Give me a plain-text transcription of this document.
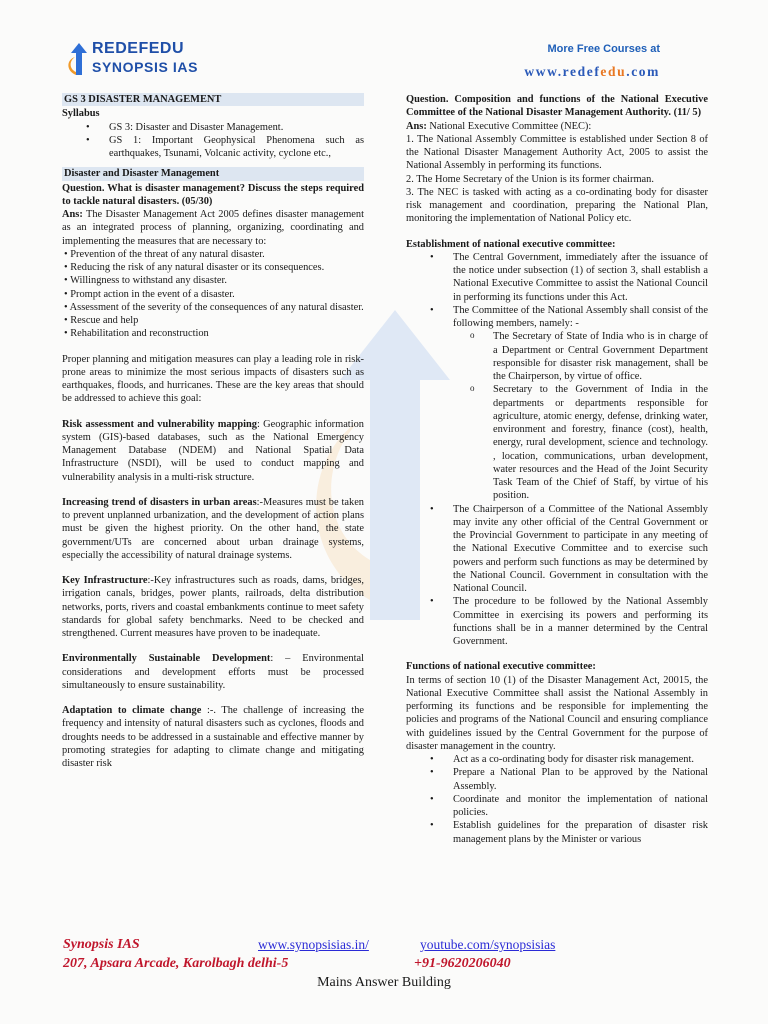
REDEFEDU
SYNOPSIS IAS
More Free Courses at
www.redefedu.com
GS 3 DISASTER MANAGEMENT

Syllabus

• GS 3: Disaster and Disaster Management.
• GS 1: Important Geophysical Phenomena such as earthquakes, Tsunami, Volcanic activity, cyclone etc.,
Disaster and Disaster Management

Question. What is disaster management? Discuss the steps required to tackle natural disasters. (05/30)

Ans: The Disaster Management Act 2005 defines disaster management as an integrated process of planning, organizing, coordinating and implementing the measures that are necessary to:

• Prevention of the threat of any natural disaster.

• Reducing the risk of any natural disaster or its consequences.

• Willingness to withstand any disaster.

• Prompt action in the event of a disaster.

• Assessment of the severity of the consequences of any natural disaster.

• Rescue and help

• Rehabilitation and reconstruction

Proper planning and mitigation measures can play a leading role in risk-prone areas to minimize the most serious impacts of disasters such as earthquakes, floods, and hurricanes. These are the key areas that should be addressed to achieve this goal:

Risk assessment and vulnerability mapping: Geographic information system (GIS)-based databases, such as the National Emergency Management Database (NDEM) and National Spatial Data Infrastructure (NSDI), will be used to conduct mapping and vulnerability analysis in a multi-risk structure.

Increasing trend of disasters in urban areas:-Measures must be taken to prevent unplanned urbanization, and the development of action plans must be given the highest priority. On the other hand, the state government/UTs are concerned about urban drainage systems, especially the accessibility of natural drainage systems.

Key Infrastructure:-Key infrastructures such as roads, dams, bridges, irrigation canals, bridges, power plants, railroads, delta distribution networks, ports, rivers and coastal embankments continue to meet safety standards for global safety benchmarks. Need to be checked and strengthened. Current measures have proven to be inadequate.

Environmentally Sustainable Development: – Environmental considerations and development efforts must be processed simultaneously to ensure sustainability.

Adaptation to climate change :-. The challenge of increasing the frequency and intensity of natural disasters such as cyclones, floods and droughts needs to be addressed in a sustainable and effective manner by promoting strategies for adapting to climate change and mitigating disaster risk

Question. Composition and functions of the National Executive Committee of the National Disaster Management Authority. (11/ 5)

Ans: National Executive Committee (NEC):

1. The National Assembly Committee is established under Section 8 of the National Disaster Management Authority Act, 2005 to assist the National Assembly in performing its functions.

2. The Home Secretary of the Union is its former chairman.

3. The NEC is tasked with acting as a co-ordinating body for disaster risk management and coordination, preparing the National Plan, monitoring the implementation of National Policy etc.

Establishment of national executive committee:

• The Central Government, immediately after the issuance of the notice under subsection (1) of section 3, shall establish a National Executive Committee to assist the National Council in performing its functions under this Act.
• The Committee of the National Assembly shall consist of the following members, namely: -
o The Secretary of State of India who is in charge of a Department or Central Government Department responsible for disaster risk management, shall be the Chairperson, by virtue of office.
o Secretary to the Government of India in the departments or departments responsible for agriculture, atomic energy, defense, drinking water, environment and forestry, finance (cost), health, energy, rural development, science and technology. , location, communications, urban development, water resources and the Head of the Joint Security Task Team of the Chief of Staff, by virtue of his position.
• The Chairperson of a Committee of the National Assembly may invite any other official of the Central Government or the Provincial Government to participate in any meeting of the National Executive Committee and to exercise such powers and perform such functions as may be determined by the National Council. Government in consultation with the National Council.
• The procedure to be followed by the National Assembly Committee in exercising its powers and performing its functions shall be in a manner determined by the Central Government.

Functions of national executive committee:

In terms of section 10 (1) of the Disaster Management Act, 20015, the National Executive Committee shall assist the National Assembly in performing its functions and be responsible for implementing the policies and programs of the National Council and ensuring compliance with guidelines issued by the Central Government for the purpose of disaster management in the country.

• Act as a co-ordinating body for disaster risk management.
• Prepare a National Plan to be approved by the National Assembly.
• Coordinate and monitor the implementation of national policies.
• Establish guidelines for the preparation of disaster risk management plans by the Minister or various
Synopsis IAS	www.synopsisias.in/	youtube.com/synopsisias
207, Apsara Arcade, Karolbagh delhi-5	+91-9620206040
Mains Answer Building
